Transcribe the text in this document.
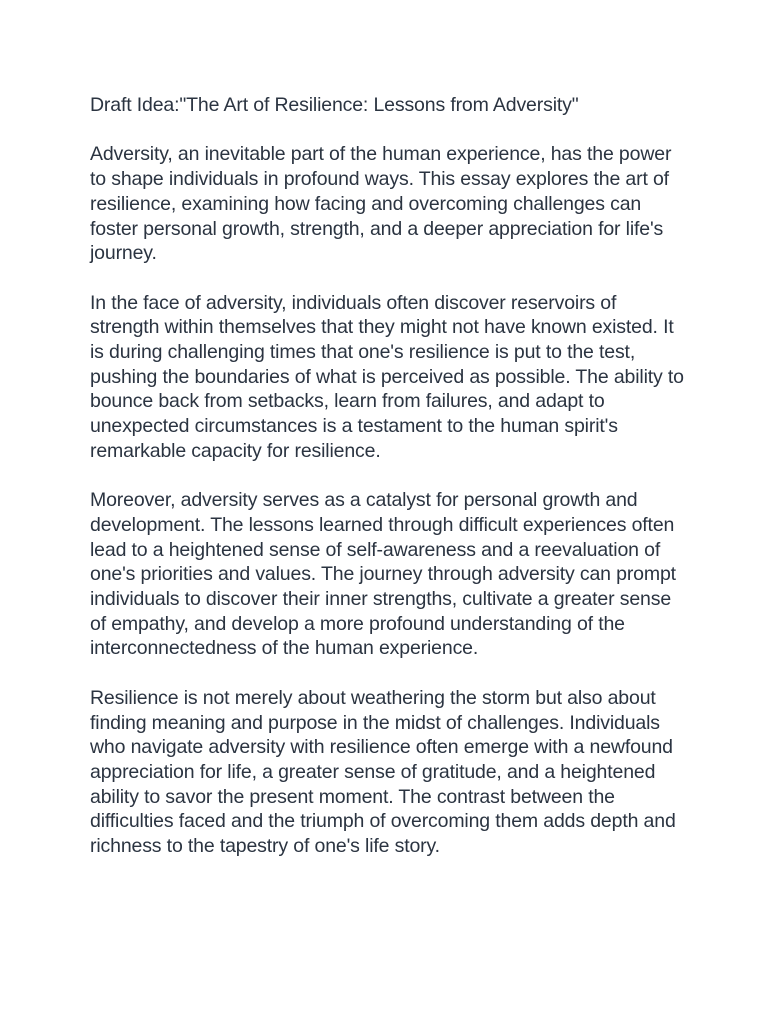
Draft Idea:"The Art of Resilience: Lessons from Adversity"

Adversity, an inevitable part of the human experience, has the power to shape individuals in profound ways. This essay explores the art of resilience, examining how facing and overcoming challenges can foster personal growth, strength, and a deeper appreciation for life's journey.

In the face of adversity, individuals often discover reservoirs of strength within themselves that they might not have known existed. It is during challenging times that one's resilience is put to the test, pushing the boundaries of what is perceived as possible. The ability to bounce back from setbacks, learn from failures, and adapt to unexpected circumstances is a testament to the human spirit's remarkable capacity for resilience.

Moreover, adversity serves as a catalyst for personal growth and development. The lessons learned through difficult experiences often lead to a heightened sense of self-awareness and a reevaluation of one's priorities and values. The journey through adversity can prompt individuals to discover their inner strengths, cultivate a greater sense of empathy, and develop a more profound understanding of the interconnectedness of the human experience.

Resilience is not merely about weathering the storm but also about finding meaning and purpose in the midst of challenges. Individuals who navigate adversity with resilience often emerge with a newfound appreciation for life, a greater sense of gratitude, and a heightened ability to savor the present moment. The contrast between the difficulties faced and the triumph of overcoming them adds depth and richness to the tapestry of one's life story.
